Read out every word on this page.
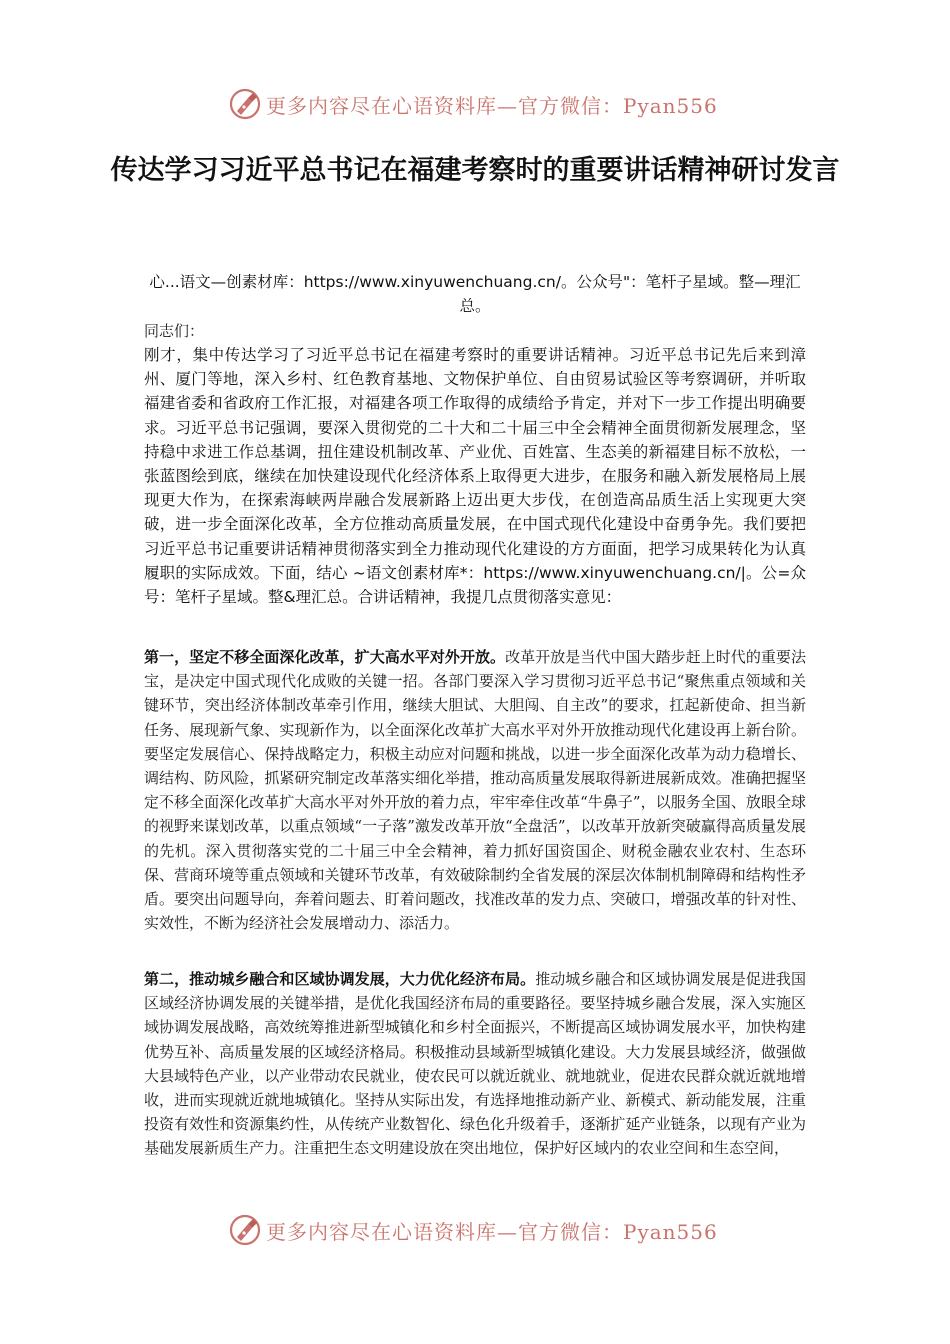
更多内容尽在心语资料库—官方微信：Pyan556
传达学习习近平总书记在福建考察时的重要讲话精神研讨发言
心...语文—创素材库：https://www.xinyuwenchuang.cn/。公众号"：笔杆子星域。整—理汇总。
同志们：
刚才，集中传达学习了习近平总书记在福建考察时的重要讲话精神。习近平总书记先后来到漳州、厦门等地，深入乡村、红色教育基地、文物保护单位、自由贸易试验区等考察调研，并听取福建省委和省政府工作汇报，对福建各项工作取得的成绩给予肯定，并对下一步工作提出明确要求。习近平总书记强调，要深入贯彻党的二十大和二十届三中全会精神全面贯彻新发展理念，坚持稳中求进工作总基调，扭住建设机制改革、产业优、百姓富、生态美的新福建目标不放松，一张蓝图绘到底，继续在加快建设现代化经济体系上取得更大进步，在服务和融入新发展格局上展现更大作为，在探索海峡两岸融合发展新路上迈出更大步伐，在创造高品质生活上实现更大突破，进一步全面深化改革，全方位推动高质量发展，在中国式现代化建设中奋勇争先。我们要把习近平总书记重要讲话精神贯彻落实到全力推动现代化建设的方方面面，把学习成果转化为认真履职的实际成效。下面，结心 ~语文创素材库*：https://www.xinyuwenchuang.cn/|。公=众号：笔杆子星域。整&理汇总。合讲话精神，我提几点贯彻落实意见：
第一，坚定不移全面深化改革，扩大高水平对外开放。改革开放是当代中国大踏步赶上时代的重要法宝，是决定中国式现代化成败的关键一招。各部门要深入学习贯彻习近平总书记“聚焦重点领域和关键环节，突出经济体制改革牵引作用，继续大胆试、大胆闯、自主改”的要求，扛起新使命、担当新任务、展现新气象、实现新作为，以全面深化改革扩大高水平对外开放推动现代化建设再上新台阶。要坚定发展信心、保持战略定力，积极主动应对问题和挑战，以进一步全面深化改革为动力稳增长、调结构、防风险，抓紧研究制定改革落实细化举措，推动高质量发展取得新进展新成效。准确把握坚定不移全面深化改革扩大高水平对外开放的着力点，牢牢牵住改革“牛鼻子”，以服务全国、放眼全球的视野来谋划改革，以重点领域“一子落”激发改革开放“全盘活”，以改革开放新突破赢得高质量发展的先机。深入贯彻落实党的二十届三中全会精神，着力抓好国资国企、财税金融农业农村、生态环保、营商环境等重点领域和关键环节改革，有效破除制约全省发展的深层次体制机制障碍和结构性矛盾。要突出问题导向，奔着问题去、盯着问题改，找准改革的发力点、突破口，增强改革的针对性、实效性，不断为经济社会发展增动力、添活力。
第二，推动城乡融合和区域协调发展，大力优化经济布局。推动城乡融合和区域协调发展是促进我国区域经济协调发展的关键举措，是优化我国经济布局的重要路径。要坚持城乡融合发展，深入实施区域协调发展战略，高效统筹推进新型城镇化和乡村全面振兴，不断提高区域协调发展水平，加快构建优势互补、高质量发展的区域经济格局。积极推动县域新型城镇化建设。大力发展县域经济，做强做大县域特色产业，以产业带动农民就业，使农民可以就近就业、就地就业，促进农民群众就近就地增收，进而实现就近就地城镇化。坚持从实际出发，有选择地推动新产业、新模式、新动能发展，注重投资有效性和资源集约性，从传统产业数智化、绿色化升级着手，逐渐扩延产业链条，以现有产业为基础发展新质生产力。注重把生态文明建设放在突出地位，保护好区域内的农业空间和生态空间，
更多内容尽在心语资料库—官方微信：Pyan556
